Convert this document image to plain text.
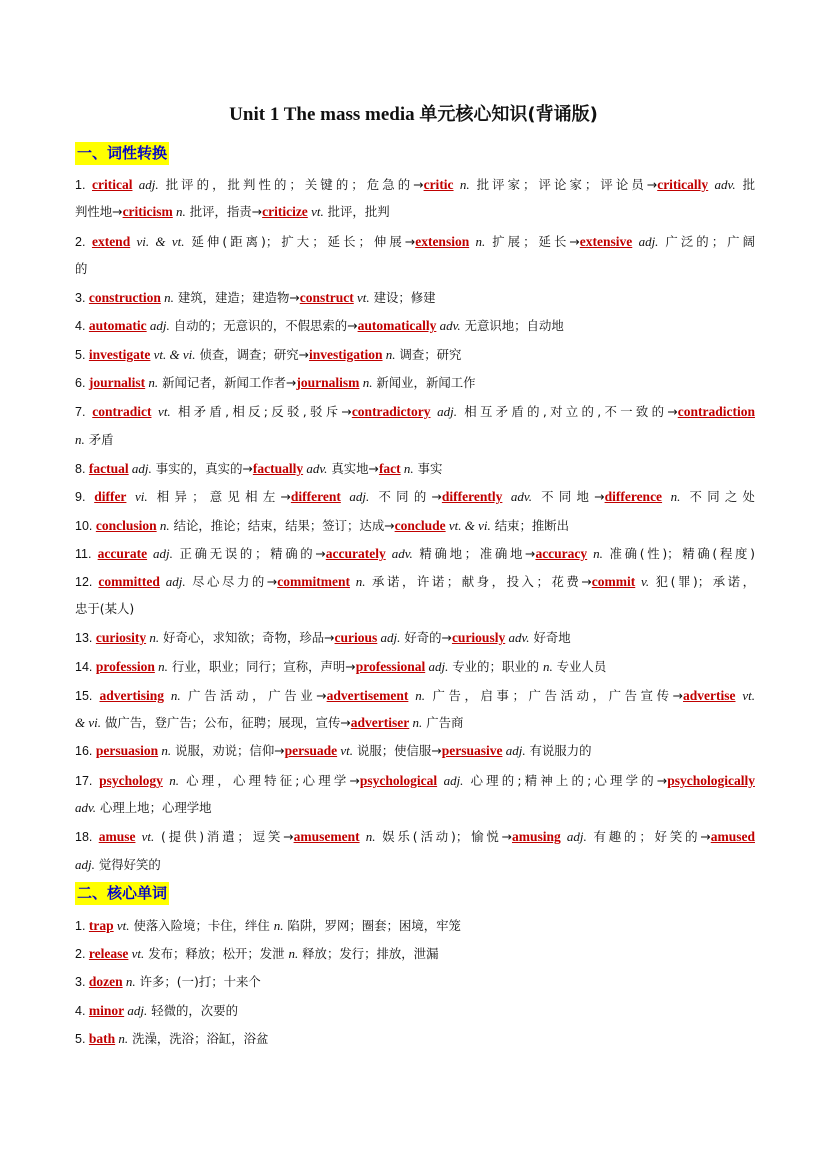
Unit 1 The mass media 单元核心知识(背诵版)
一、词性转换
二、核心单词
1. critical adj. 批评的，批判性的；关键的；危急的→critic n. 批评家；评论家；评论员→critically adv. 批
判性地→criticism n. 批评，指责→criticize vt. 批评，批判
2. extend vi. & vt. 延伸(距离)；扩大；延长；伸展→extension n. 扩展；延长→extensive adj. 广泛的；广阔
的
3. construction n. 建筑，建造；建造物→construct vt. 建设；修建
4. automatic adj. 自动的；无意识的，不假思索的→automatically adv. 无意识地；自动地
5. investigate vt. & vi. 侦查，调查；研究→investigation n. 调查；研究
6. journalist n. 新闻记者，新闻工作者→journalism n. 新闻业，新闻工作
7. contradict vt. 相矛盾,相反;反驳,驳斥→contradictory adj. 相互矛盾的,对立的,不一致的→contradiction
n. 矛盾
8. factual adj. 事实的，真实的→factually adv. 真实地→fact n. 事实
9. differ vi. 相异；意见相左→different adj. 不同的→differently adv. 不同地→difference n. 不同之处
10. conclusion n. 结论，推论；结束，结果；签订；达成→conclude vt. & vi. 结束；推断出
11. accurate adj. 正确无误的；精确的→accurately adv. 精确地；准确地→accuracy n. 准确(性)；精确(程度)
12. committed adj. 尽心尽力的→commitment n. 承诺，许诺；献身，投入；花费→commit v. 犯(罪)；承诺，
忠于(某人)
13. curiosity n. 好奇心，求知欲；奇物，珍品→curious adj. 好奇的→curiously adv. 好奇地
14. profession n. 行业，职业；同行；宣称，声明→professional adj. 专业的；职业的 n. 专业人员
15. advertising n. 广告活动，广告业→advertisement n. 广告，启事；广告活动，广告宣传→advertise vt.
& vi. 做广告，登广告；公布，征聘；展现，宣传→advertiser n. 广告商
16. persuasion n. 说服，劝说；信仰→persuade vt. 说服；使信服→persuasive adj. 有说服力的
17. psychology n. 心理，心理特征;心理学→psychological adj. 心理的;精神上的;心理学的→psychologically
adv. 心理上地；心理学地
18. amuse vt. (提供)消遣；逗笑→amusement n. 娱乐(活动)；愉悦→amusing adj. 有趣的；好笑的→amused
adj. 觉得好笑的
1. trap vt. 使落入险境；卡住，绊住 n. 陷阱，罗网；圈套；困境，牢笼
2. release vt. 发布；释放；松开；发泄 n. 释放；发行；排放，泄漏
3. dozen n. 许多；(一)打；十来个
4. minor adj. 轻微的，次要的
5. bath n. 洗澡，洗浴；浴缸，浴盆
